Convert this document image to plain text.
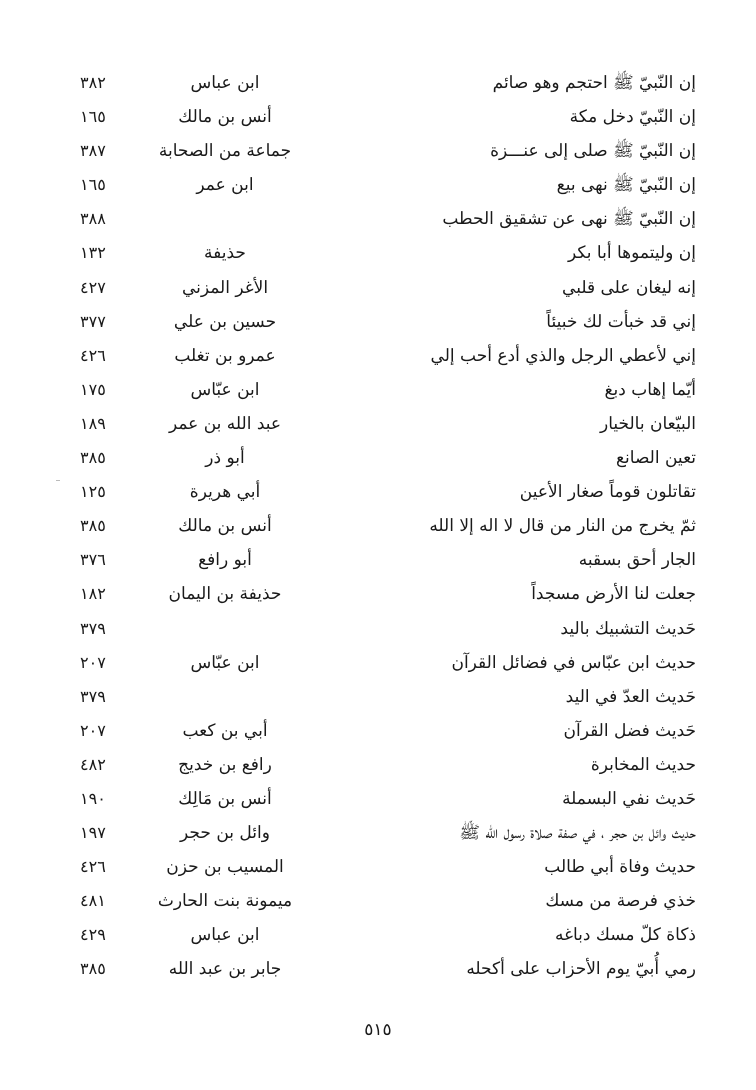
إن النّبيّ ﷺ احتجم وهو صائم
ابن عباس
٣٨٢
إن النّبيّ دخل مكة
أنس بن مالك
١٦٥
إن النّبيّ ﷺ صلى إلى عنـــزة
جماعة من الصحابة
٣٨٧
إن النّبيّ ﷺ نهى بيع
ابن عمر
١٦٥
إن النّبيّ ﷺ نهى عن تشقيق الحطب
٣٨٨
إن وليتموها أبا بكر
حذيفة
١٣٢
إنه ليغان على قلبي
الأغر المزني
٤٢٧
إني قد خبأت لك خبيئاً
حسين بن علي
٣٧٧
إني لأعطي الرجل والذي أدع أحب إلي
عمرو بن تغلب
٤٢٦
أيّما إهاب دبغ
ابن عبّاس
١٧٥
البيّعان بالخيار
عبد الله بن عمر
١٨٩
تعين الصانع
أبو ذر
٣٨٥
تقاتلون قوماً صغار الأعين
أبي هريرة
١٢٥
ثمّ يخرج من النار من قال لا اله إلا الله
أنس بن مالك
٣٨٥
الجار أحق بسقبه
أبو رافع
٣٧٦
جعلت لنا الأرض مسجداً
حذيفة بن اليمان
١٨٢
حَديث التشبيك باليد
٣٧٩
حديث ابن عبّاس في فضائل القرآن
ابن عبّاس
٢٠٧
حَديث العدّ في اليد
٣٧٩
حَديث فضل القرآن
أبي بن كعب
٢٠٧
حديث المخابرة
رافع بن خديج
٤٨٢
حَديث نفي البسملة
أنس بن مَالِك
١٩٠
حديث وائل بن حجر ، في صفة صلاة رسول الله ﷺ
وائل بن حجر
١٩٧
حديث وفاة أبي طالب
المسيب بن حزن
٤٢٦
خذي فرصة من مسك
ميمونة بنت الحارث
٤٨١
ذكاة كلّ مسك دباغه
ابن عباس
٤٢٩
رمي أُبيّ يوم الأحزاب على أكحله
جابر بن عبد الله
٣٨٥
٥١٥
